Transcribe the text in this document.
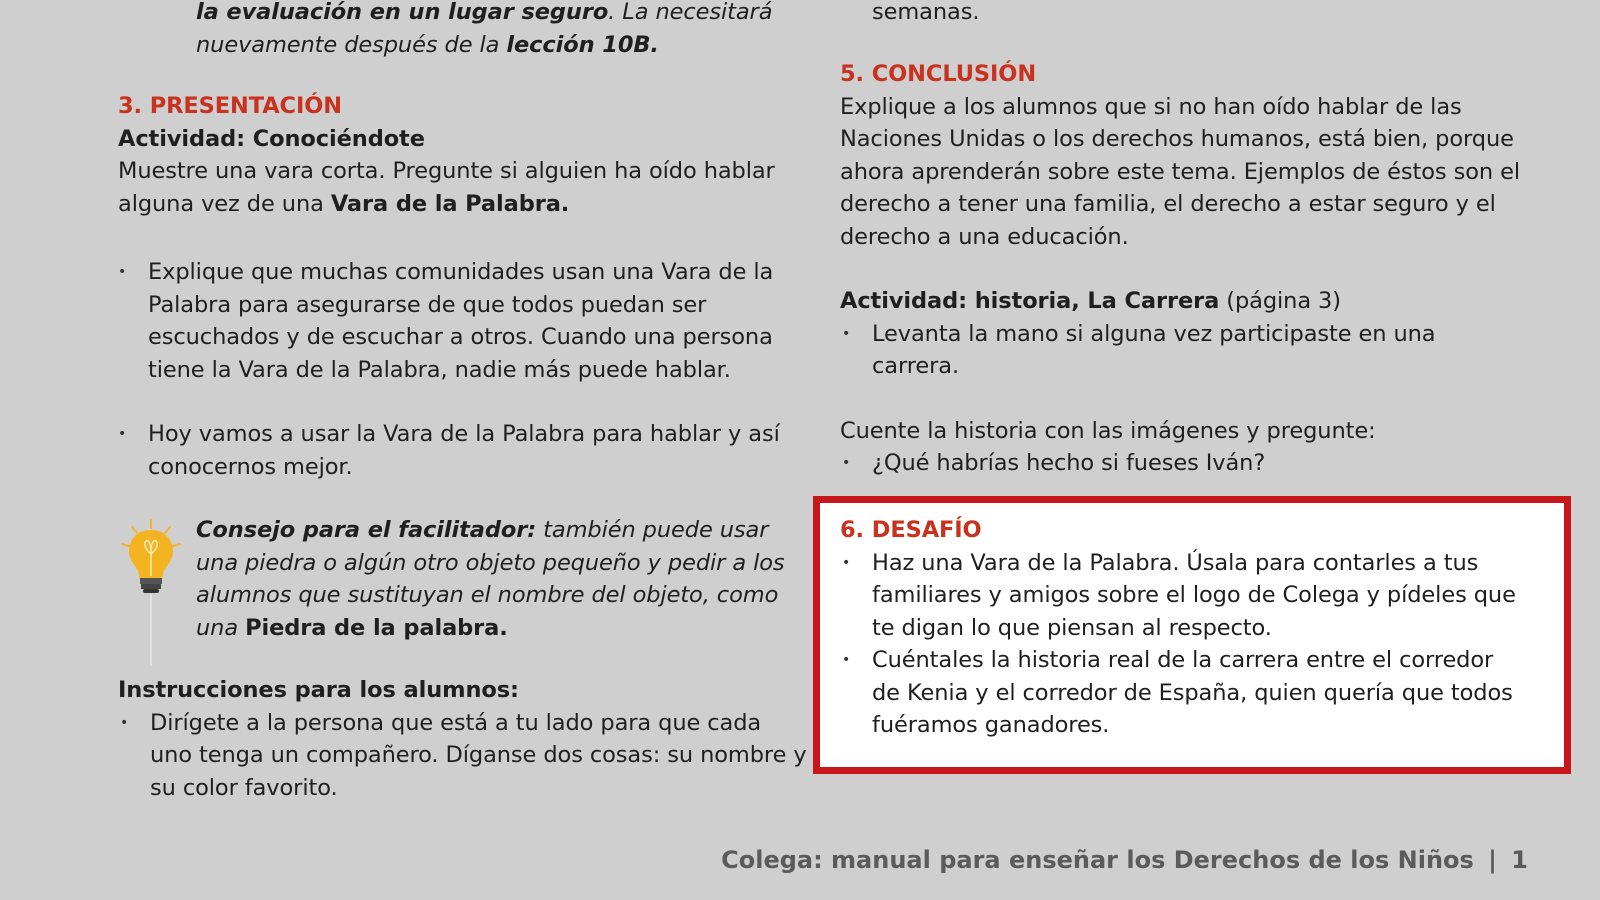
la evaluación en un lugar seguro. La necesitará
nuevamente después de la lección 10B.
3. PRESENTACIÓN
Actividad: Conociéndote

Muestre una vara corta. Pregunte si alguien ha oído hablar alguna vez de una Vara de la Palabra.

• Explique que muchas comunidades usan una Vara de la Palabra para asegurarse de que todos puedan ser escuchados y de escuchar a otros. Cuando una persona tiene la Vara de la Palabra, nadie más puede hablar.
• Hoy vamos a usar la Vara de la Palabra para hablar y así conocernos mejor.
Consejo para el facilitador: también puede usar una piedra o algún otro objeto pequeño y pedir a los alumnos que sustituyan el nombre del objeto, como una Piedra de la palabra.
Instrucciones para los alumnos:
• Dirígete a la persona que está a tu lado para que cada uno tenga un compañero. Díganse dos cosas: su nombre y su color favorito.
semanas.
5. CONCLUSIÓN

Explique a los alumnos que si no han oído hablar de las Naciones Unidas o los derechos humanos, está bien, porque ahora aprenderán sobre este tema. Ejemplos de éstos son el derecho a tener una familia, el derecho a estar seguro y el derecho a una educación.

Actividad: historia, La Carrera (página 3)
• Levanta la mano si alguna vez participaste en una carrera.
Cuente la historia con las imágenes y pregunte:
• ¿Qué habrías hecho si fueses Iván?
6. DESAFÍO
• Haz una Vara de la Palabra. Úsala para contarles a tus familiares y amigos sobre el logo de Colega y pídeles que te digan lo que piensan al respecto.
• Cuéntales la historia real de la carrera entre el corredor de Kenia y el corredor de España, quien quería que todos fuéramos ganadores.
Colega: manual para enseñar los Derechos de los Niños | 1
